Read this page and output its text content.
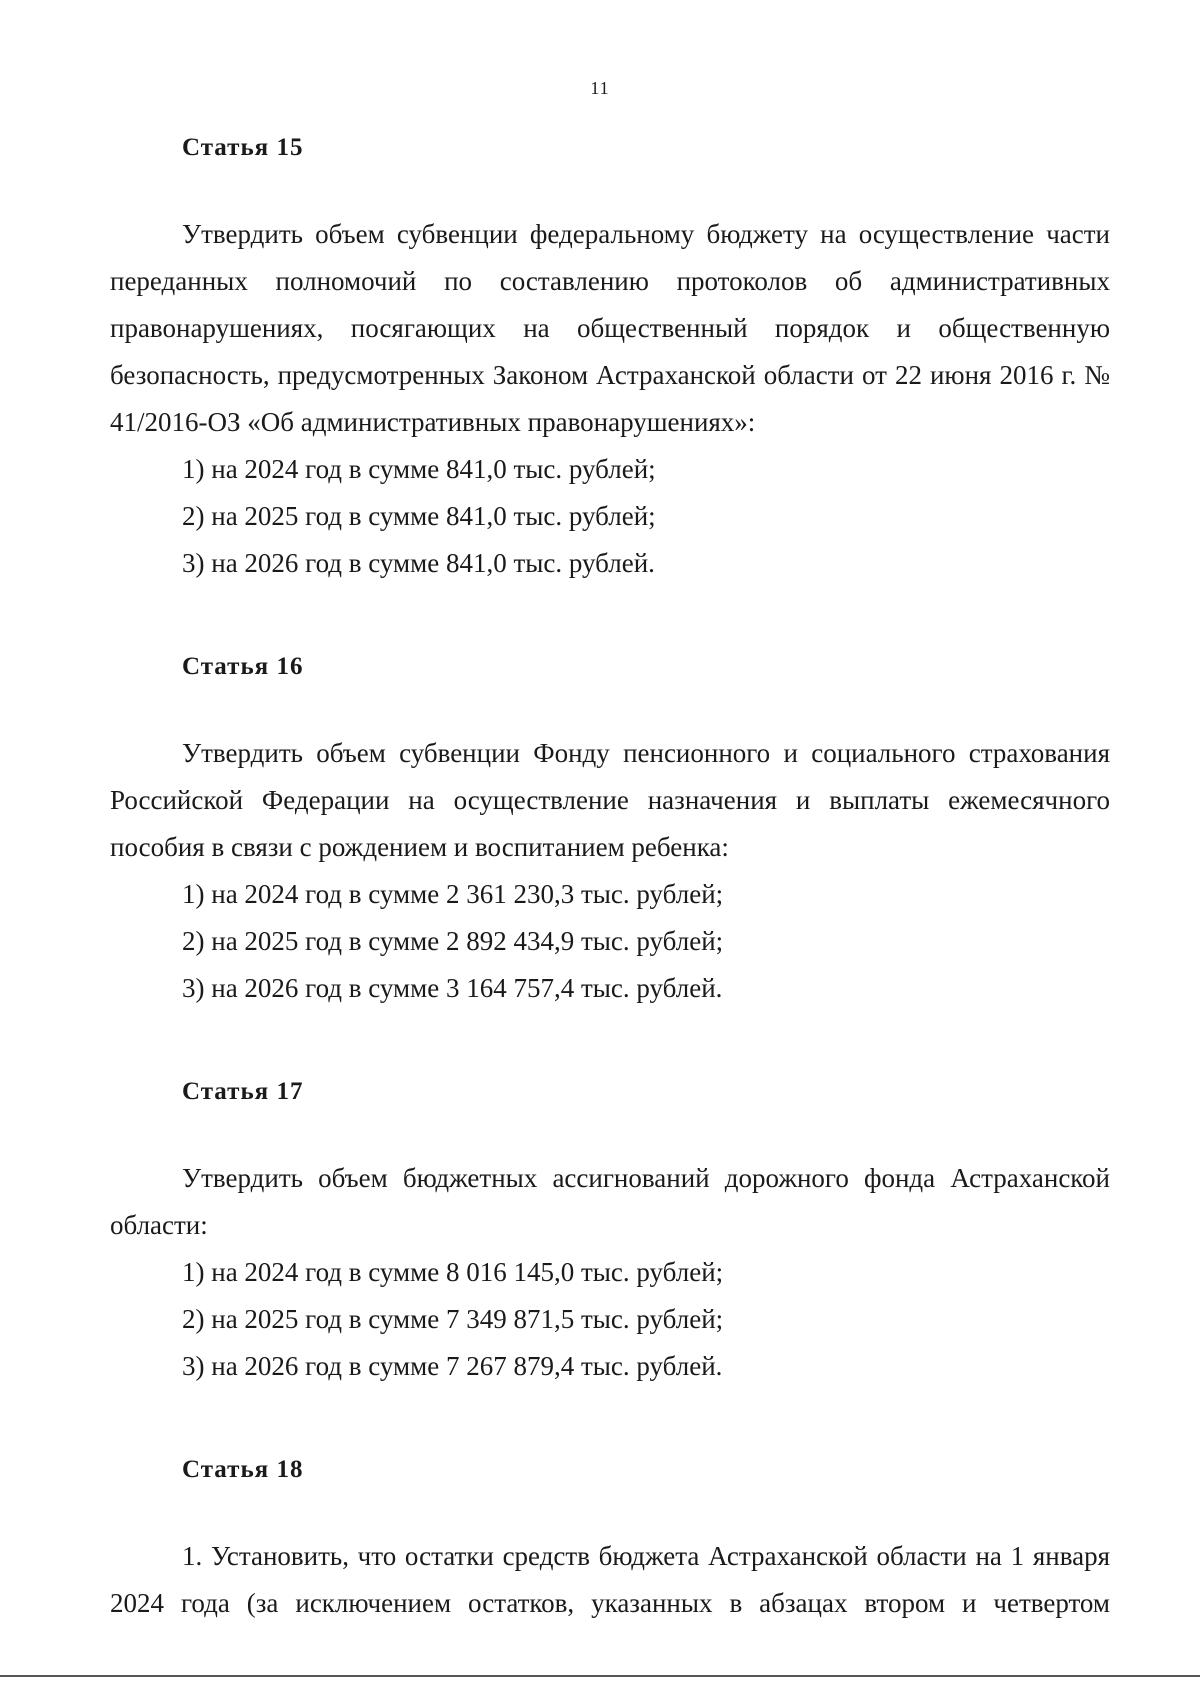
11
Статья 15

Утвердить объем субвенции федеральному бюджету на осуществление части переданных полномочий по составлению протоколов об административных правонарушениях, посягающих на общественный порядок и общественную безопасность, предусмотренных Законом Астраханской области от 22 июня 2016 г. № 41/2016-ОЗ «Об административных правонарушениях»:

1) на 2024 год в сумме 841,0 тыс. рублей;

2) на 2025 год в сумме 841,0 тыс. рублей;

3) на 2026 год в сумме 841,0 тыс. рублей.

Статья 16

Утвердить объем субвенции Фонду пенсионного и социального страхования Российской Федерации на осуществление назначения и выплаты ежемесячного пособия в связи с рождением и воспитанием ребенка:

1) на 2024 год в сумме 2 361 230,3 тыс. рублей;

2) на 2025 год в сумме 2 892 434,9 тыс. рублей;

3) на 2026 год в сумме 3 164 757,4 тыс. рублей.

Статья 17

Утвердить объем бюджетных ассигнований дорожного фонда Астраханской области:

1) на 2024 год в сумме 8 016 145,0 тыс. рублей;

2) на 2025 год в сумме 7 349 871,5 тыс. рублей;

3) на 2026 год в сумме 7 267 879,4 тыс. рублей.

Статья 18

1. Установить, что остатки средств бюджета Астраханской области на 1 января 2024 года (за исключением остатков, указанных в абзацах втором и четвертом
